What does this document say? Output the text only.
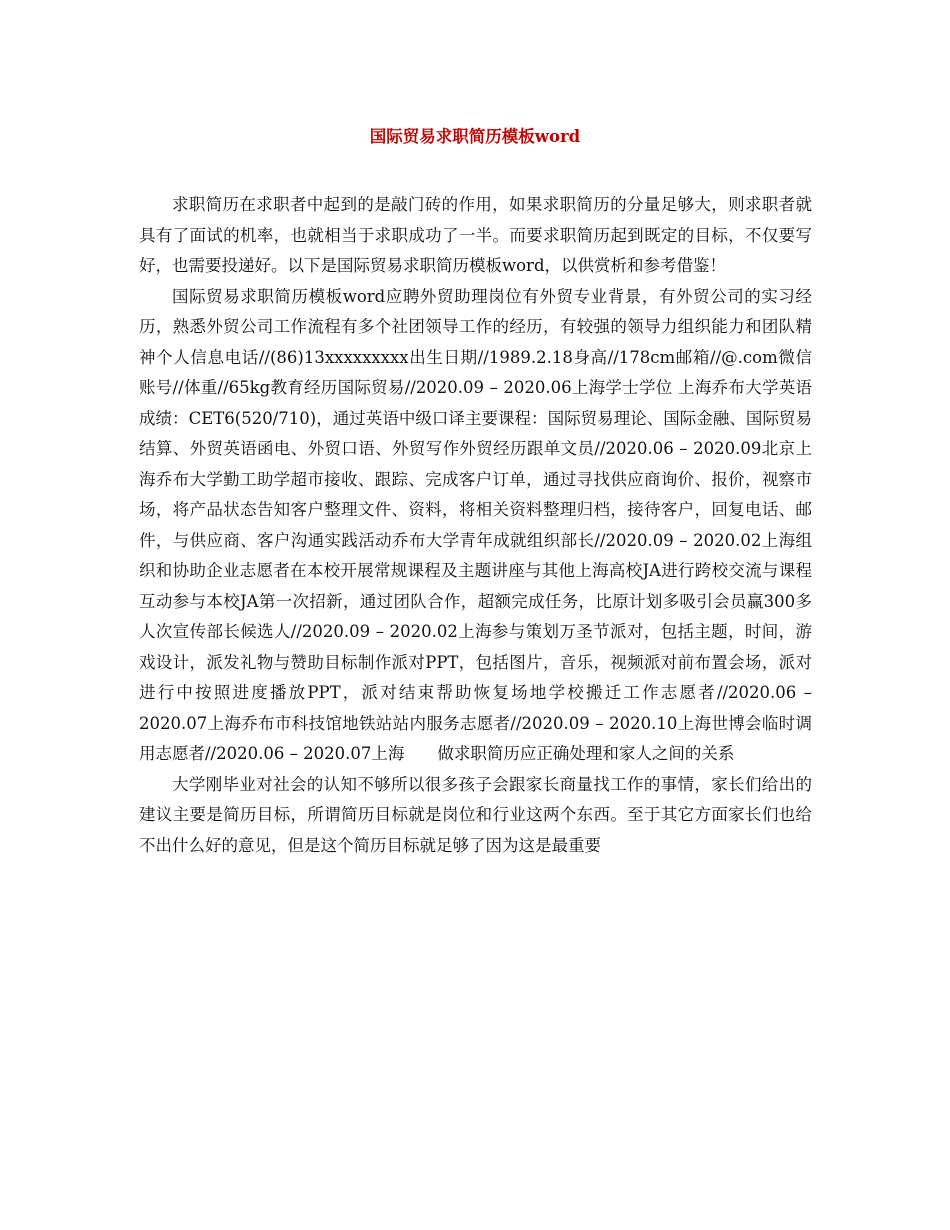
国际贸易求职简历模板word

求职简历在求职者中起到的是敲门砖的作用，如果求职简历的分量足够大，则求职者就具有了面试的机率，也就相当于求职成功了一半。而要求职简历起到既定的目标，不仅要写好，也需要投递好。以下是国际贸易求职简历模板word，以供赏析和参考借鉴！

国际贸易求职简历模板word应聘外贸助理岗位有外贸专业背景，有外贸公司的实习经历，熟悉外贸公司工作流程有多个社团领导工作的经历，有较强的领导力组织能力和团队精神个人信息电话//(86)13xxxxxxxxx出生日期//1989.2.18身高//178cm邮箱//@.com微信账号//体重//65kg教育经历国际贸易//2020.09 – 2020.06上海学士学位 上海乔布大学英语成绩：CET6(520/710)，通过英语中级口译主要课程：国际贸易理论、国际金融、国际贸易结算、外贸英语函电、外贸口语、外贸写作外贸经历跟单文员//2020.06 – 2020.09北京上海乔布大学勤工助学超市接收、跟踪、完成客户订单，通过寻找供应商询价、报价，视察市场，将产品状态告知客户整理文件、资料，将相关资料整理归档，接待客户，回复电话、邮件，与供应商、客户沟通实践活动乔布大学青年成就组织部长//2020.09 – 2020.02上海组织和协助企业志愿者在本校开展常规课程及主题讲座与其他上海高校JA进行跨校交流与课程互动参与本校JA第一次招新，通过团队合作，超额完成任务，比原计划多吸引会员赢300多人次宣传部长候选人//2020.09 – 2020.02上海参与策划万圣节派对，包括主题，时间，游戏设计，派发礼物与赞助目标制作派对PPT，包括图片，音乐，视频派对前布置会场，派对进行中按照进度播放PPT，派对结束帮助恢复场地学校搬迁工作志愿者//2020.06 – 2020.07上海乔布市科技馆地铁站站内服务志愿者//2020.09 – 2020.10上海世博会临时调用志愿者//2020.06 – 2020.07上海　　做求职简历应正确处理和家人之间的关系

大学刚毕业对社会的认知不够所以很多孩子会跟家长商量找工作的事情，家长们给出的建议主要是简历目标，所谓简历目标就是岗位和行业这两个东西。至于其它方面家长们也给不出什么好的意见，但是这个简历目标就足够了因为这是最重要
